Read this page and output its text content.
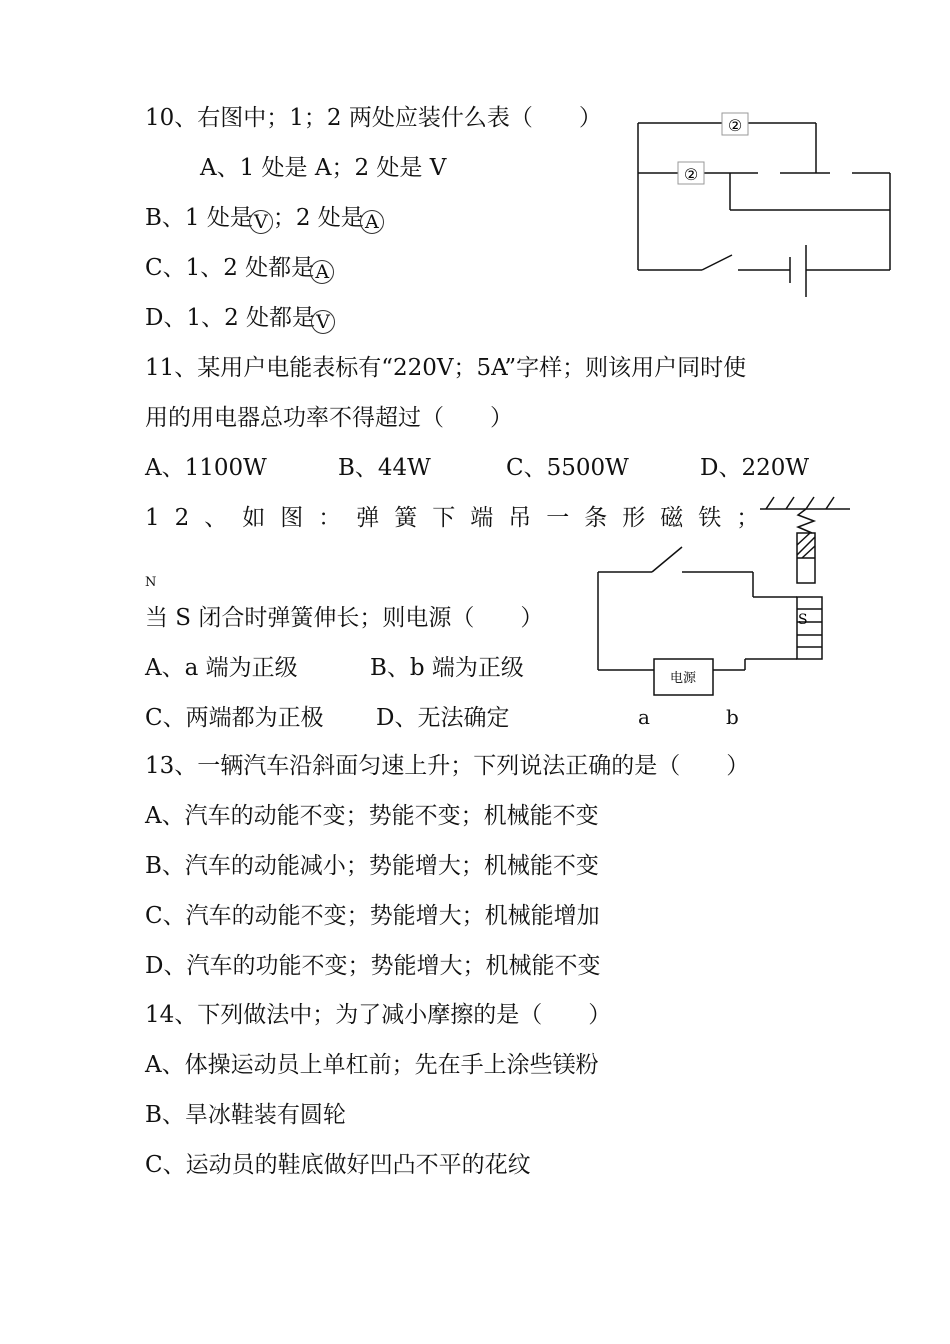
10、右图中；1；2 两处应装什么表（　　）
A、1 处是 A；2 处是 V
B、1 处是V ；2 处是A
C、1、2 处都是A
D、1、2 处都是V
②
②
11、某用户电能表标有“220V；5A”字样；则该用户同时使
用的用电器总功率不得超过（　　）
A、1100W	B、44W	C、5500W	D、220W
12、如图：弹簧下端吊一条形磁铁；
N
当 S 闭合时弹簧伸长；则电源（　　）
A、a 端为正级	B、b 端为正级
C、两端都为正极 D、无法确定
S
电源
a	b
13、一辆汽车沿斜面匀速上升；下列说法正确的是（　　）
A、汽车的动能不变；势能不变；机械能不变
B、汽车的动能减小；势能增大；机械能不变
C、汽车的动能不变；势能增大；机械能增加
D、汽车的功能不变；势能增大；机械能不变
14、下列做法中；为了减小摩擦的是（　　）
A、体操运动员上单杠前；先在手上涂些镁粉
B、旱冰鞋装有圆轮
C、运动员的鞋底做好凹凸不平的花纹
